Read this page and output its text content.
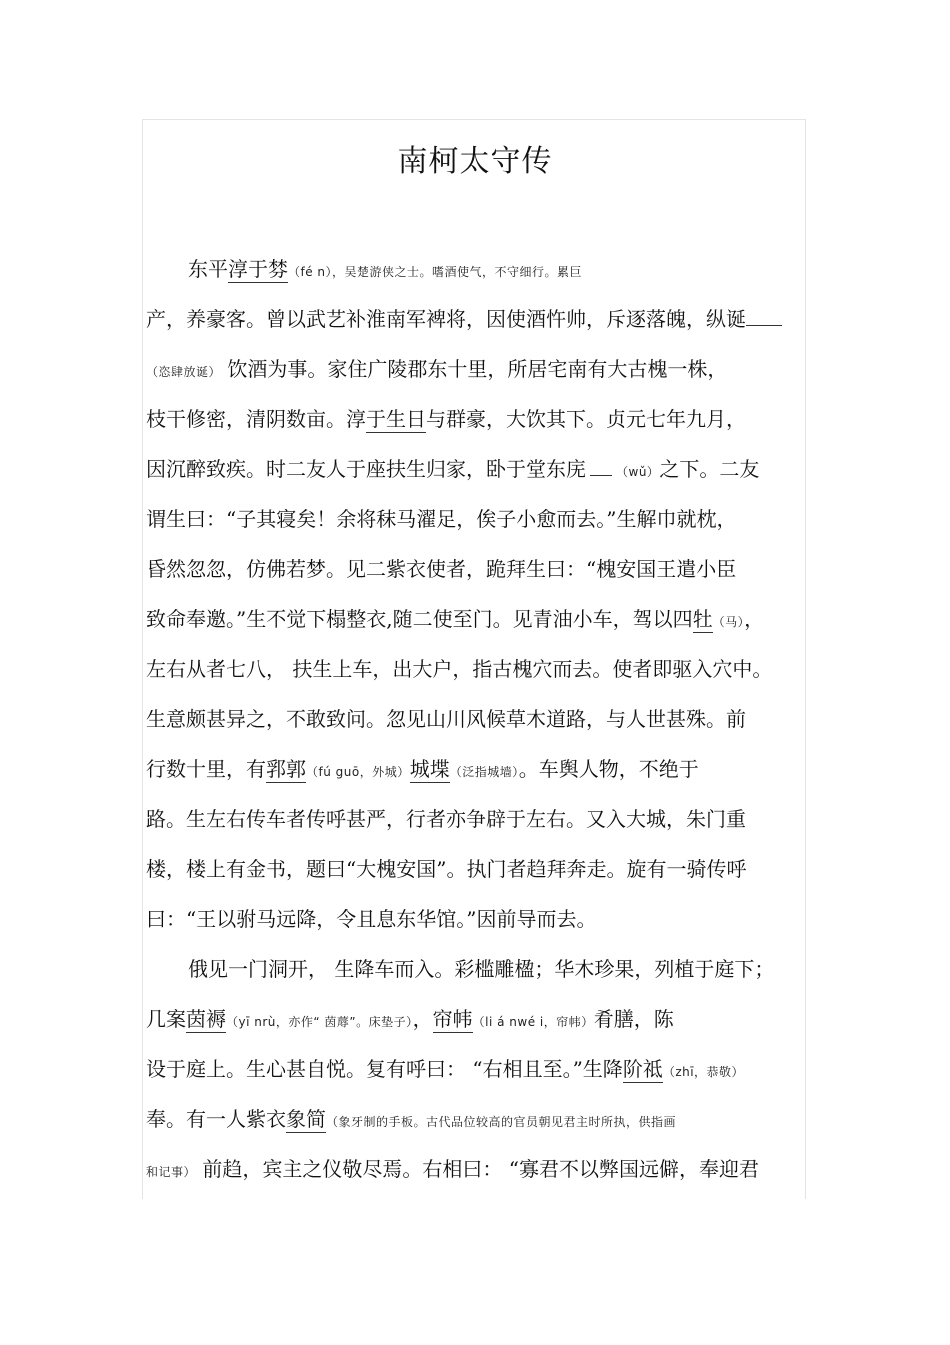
南柯太守传
东平淳于棼（fé n），吴楚游侠之士。嗜酒使气，不守细行。累巨
产，养豪客。曾以武艺补淮南军裨将，因使酒忤帅，斥逐落魄，纵诞
（恣肆放诞） 饮酒为事。家住广陵郡东十里，所居宅南有大古槐一株，
枝干修密，清阴数亩。淳于生日与群豪，大饮其下。贞元七年九月，
因沉醉致疾。时二友人于座扶生归家，卧于堂东庑	（wǔ）之下。二友
谓生曰：“子其寝矣！余将秣马濯足，俟子小愈而去。”生解巾就枕，
昏然忽忽，仿佛若梦。见二紫衣使者，跪拜生曰：“槐安国王遣小臣
致命奉邀。”生不觉下榻整衣,随二使至门。见青油小车，驾以四牡（马），
左右从者七八， 扶生上车，出大户，指古槐穴而去。使者即驱入穴中。
生意颇甚异之，不敢致问。忽见山川风候草木道路，与人世甚殊。前
行数十里，有郛郭（fú guō，外城）城堞（泛指城墙）。车舆人物，不绝于
路。生左右传车者传呼甚严，行者亦争辟于左右。又入大城，朱门重
楼，楼上有金书，题曰“大槐安国”。执门者趋拜奔走。旋有一骑传呼
曰：“王以驸马远降，令且息东华馆。”因前导而去。
俄见一门洞开， 生降车而入。彩槛雕楹；华木珍果，列植于庭下；
几案茵褥（yī nrù，亦作“ 茵蓐”。床垫子），帘帏（li á nwé i，帘帏）肴膳，陈
设于庭上。生心甚自悦。复有呼曰： “右相且至。”生降阶祗（zhī，恭敬）
奉。有一人紫衣象简（象牙制的手板。古代品位较高的官员朝见君主时所执，供指画
和记事） 前趋，宾主之仪敬尽焉。右相曰： “寡君不以弊国远僻，奉迎君
